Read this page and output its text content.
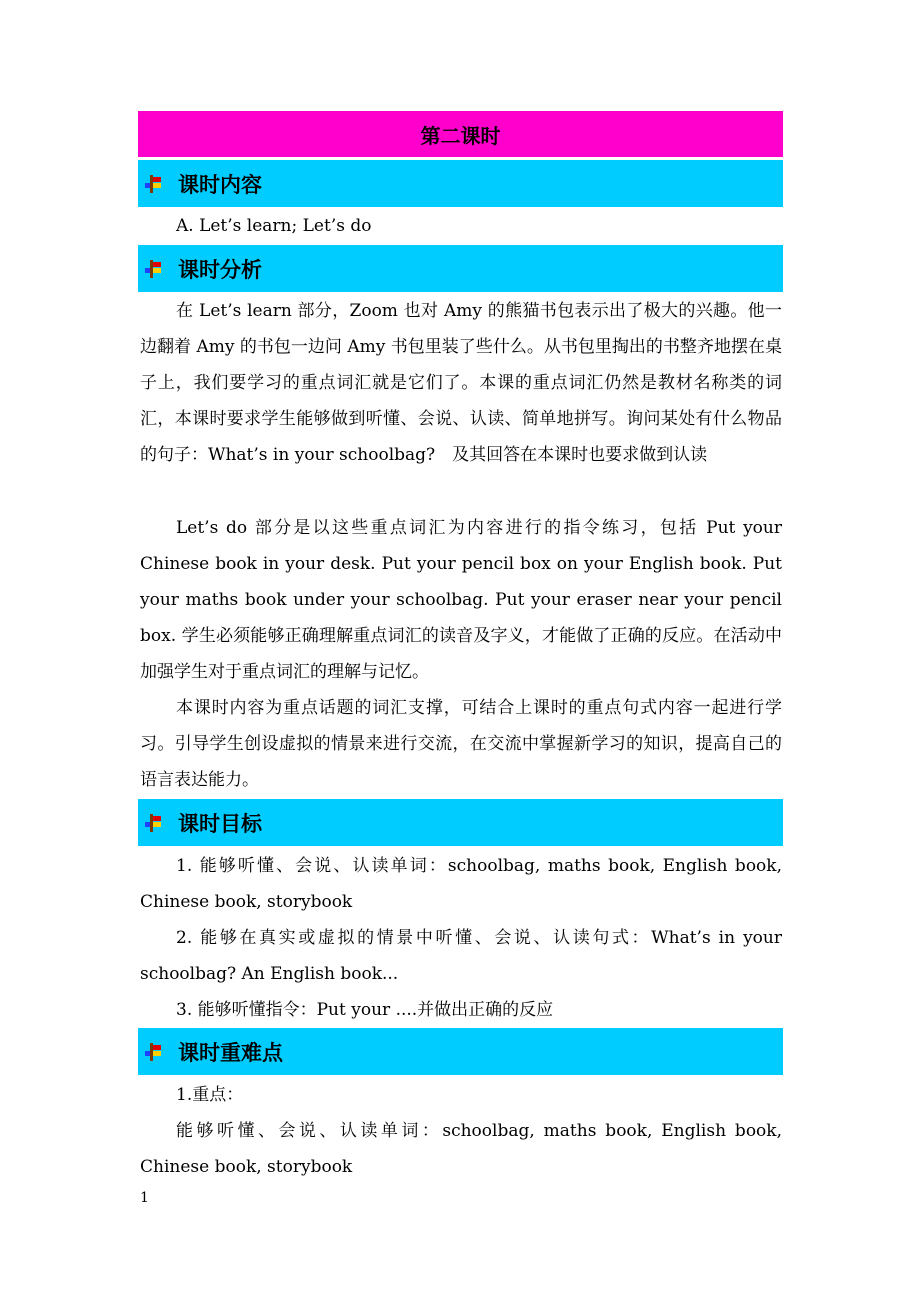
第二课时
课时内容
A. Let’s learn; Let’s do
课时分析
在 Let’s learn 部分，Zoom 也对 Amy 的熊猫书包表示出了极大的兴趣。他一边翻着 Amy 的书包一边问 Amy 书包里装了些什么。从书包里掏出的书整齐地摆在桌子上，我们要学习的重点词汇就是它们了。本课的重点词汇仍然是教材名称类的词汇，本课时要求学生能够做到听懂、会说、认读、简单地拼写。询问某处有什么物品的句子：What’s in your schoolbag?　及其回答在本课时也要求做到认读
Let’s do 部分是以这些重点词汇为内容进行的指令练习，包括 Put your Chinese book in your desk. Put your pencil box on your English book. Put your maths book under your schoolbag. Put your eraser near your pencil box. 学生必须能够正确理解重点词汇的读音及字义，才能做了正确的反应。在活动中加强学生对于重点词汇的理解与记忆。
本课时内容为重点话题的词汇支撑，可结合上课时的重点句式内容一起进行学习。引导学生创设虚拟的情景来进行交流，在交流中掌握新学习的知识，提高自己的语言表达能力。
课时目标
1. 能够听懂、会说、认读单词：schoolbag, maths book, English book, Chinese book, storybook
2. 能够在真实或虚拟的情景中听懂、会说、认读句式：What’s in your schoolbag? An English book...
3. 能够听懂指令：Put your ....并做出正确的反应
课时重难点
1.重点：
能够听懂、会说、认读单词：schoolbag, maths book, English book, Chinese book, storybook
1
